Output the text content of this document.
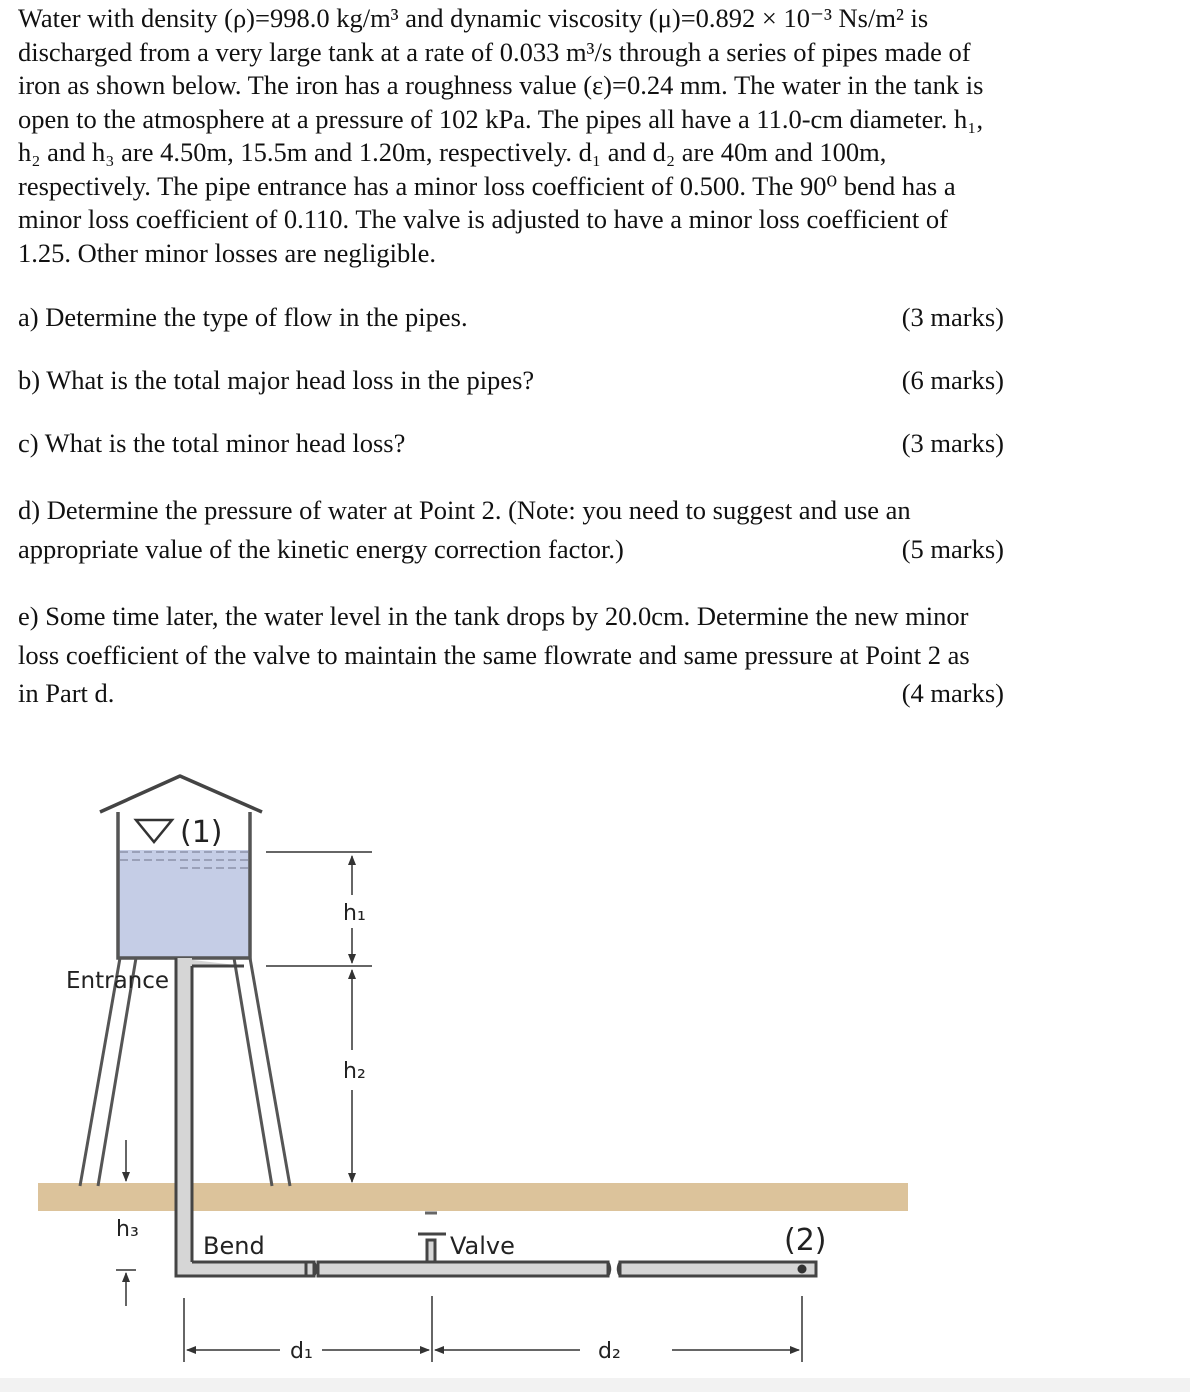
Water with density (ρ)=998.0 kg/m³ and dynamic viscosity (μ)=0.892 × 10⁻³ Ns/m² is
discharged from a very large tank at a rate of 0.033 m³/s through a series of pipes made of
iron as shown below. The iron has a roughness value (ε)=0.24 mm. The water in the tank is
open to the atmosphere at a pressure of 102 kPa. The pipes all have a 11.0-cm diameter. h₁,
h₂ and h₃ are 4.50m, 15.5m and 1.20m, respectively. d₁ and d₂ are 40m and 100m,
respectively. The pipe entrance has a minor loss coefficient of 0.500. The 90⁰ bend has a
minor loss coefficient of 0.110. The valve is adjusted to have a minor loss coefficient of
1.25. Other minor losses are negligible.
a) Determine the type of flow in the pipes.	(3 marks)
b) What is the total major head loss in the pipes?	(6 marks)
c) What is the total minor head loss?	(3 marks)
d) Determine the pressure of water at Point 2. (Note: you need to suggest and use an
appropriate value of the kinetic energy correction factor.)	(5 marks)
e) Some time later, the water level in the tank drops by 20.0cm. Determine the new minor
loss coefficient of the valve to maintain the same flowrate and same pressure at Point 2 as
in Part d.	(4 marks)
(1)
Valve	(2)
Entrance
Bend
h₁
h₂
h₃
d₁	d₂
